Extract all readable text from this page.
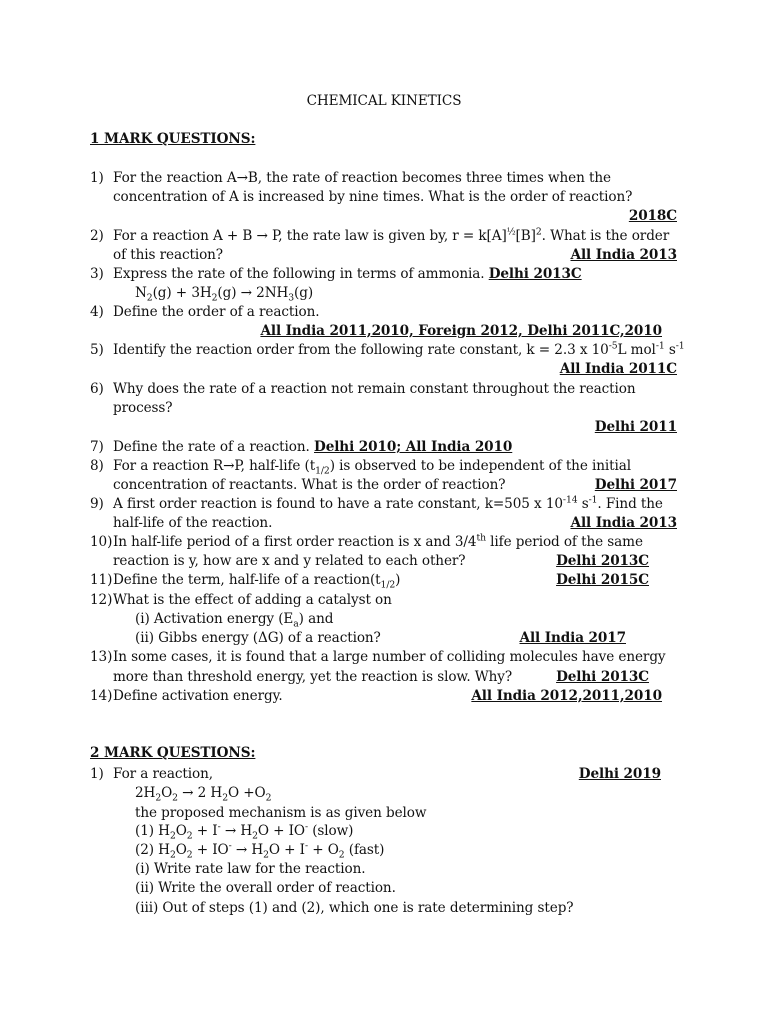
CHEMICAL KINETICS
1 MARK QUESTIONS:
1) For the reaction A→B, the rate of reaction becomes three times when the
concentration of A is increased by nine times. What is the order of reaction?
2018C
2) For a reaction A + B → P, the rate law is given by, $r = k[A]^{\frac{1}{2}}[B]^2$. What is the order
of this reaction?	All India 2013
3) Express the rate of the following in terms of ammonia. Delhi 2013C
$N_2(g) + 3H_2(g) \to 2NH_3(g)$
4) Define the order of a reaction.
All India 2011,2010, Foreign 2012, Delhi 2011C,2010
5) Identify the reaction order from the following rate constant, k = 2.3 x $10^{-5}L$ mol$^{-1}$ $s^{-1}$
All India 2011C
6) Why does the rate of a reaction not remain constant throughout the reaction
process?
Delhi 2011
7) Define the rate of a reaction. Delhi 2010; All India 2010
8) For a reaction R→P, half-life $(t_{1/2})$ is observed to be independent of the initial
concentration of reactants. What is the order of reaction?	Delhi 2017
9) A first order reaction is found to have a rate constant, k=505 x $10^{-14}$ $s^{-1}$. Find the
half-life of the reaction.	All India 2013
10) In half-life period of a first order reaction is x and 3/4th life period of the same
reaction is y, how are x and y related to each other?	Delhi 2013C
11) Define the term, half-life of a $reaction(t_{1/2})$	Delhi 2015C
12) What is the effect of adding a catalyst on
(i) Activation energy $(E_a)$ and
(ii) Gibbs energy (ΔG) of a reaction?	All India 2017
13) In some cases, it is found that a large number of colliding molecules have energy
more than threshold energy, yet the reaction is slow. Why?	Delhi 2013C
14) Define activation energy.	All India 2012,2011,2010
2 MARK QUESTIONS:
1) For a reaction,	Delhi 2019
$2H_2O_2 \to 2$ $H_2O +O_2$
the proposed mechanism is as given below
(1) $H_2O_2 + I^- \to H_2O + IO^-$ (slow)
(2) $H_2O_2 + IO^- \to H_2O + I^- + O_2$ (fast)
(i) Write rate law for the reaction.
(ii) Write the overall order of reaction.
(iii) Out of steps (1) and (2), which one is rate determining step?
